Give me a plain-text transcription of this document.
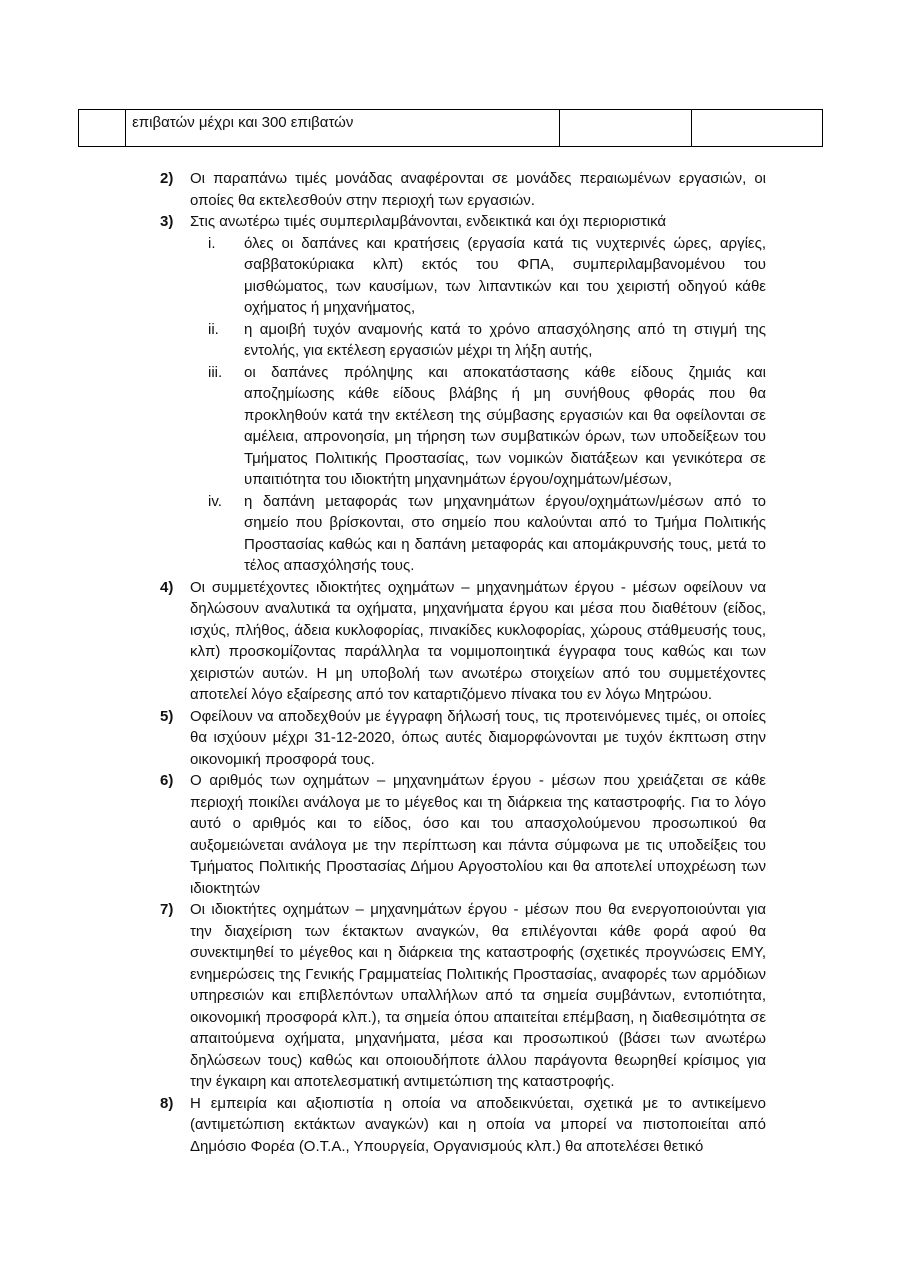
	επιβατών μέχρι και 300 επιβατών		
2)	Οι παραπάνω τιμές μονάδας αναφέρονται σε μονάδες περαιωμένων εργασιών, οι οποίες θα εκτελεσθούν στην περιοχή των εργασιών.
3)	Στις ανωτέρω τιμές συμπεριλαμβάνονται, ενδεικτικά και όχι περιοριστικά
i.	όλες οι δαπάνες και κρατήσεις (εργασία κατά τις νυχτερινές ώρες, αργίες, σαββατοκύριακα κλπ) εκτός του ΦΠΑ, συμπεριλαμβανομένου του μισθώματος, των καυσίμων, των λιπαντικών και του χειριστή οδηγού κάθε οχήματος ή μηχανήματος,
ii.	η αμοιβή τυχόν αναμονής κατά το χρόνο απασχόλησης από τη στιγμή της εντολής, για εκτέλεση εργασιών μέχρι τη λήξη αυτής,
iii.	οι δαπάνες πρόληψης και αποκατάστασης κάθε είδους ζημιάς και αποζημίωσης κάθε είδους βλάβης ή μη συνήθους φθοράς που θα προκληθούν κατά την εκτέλεση της σύμβασης εργασιών και θα οφείλονται σε αμέλεια, απρονοησία, μη τήρηση των συμβατικών όρων, των υποδείξεων του Τμήματος Πολιτικής Προστασίας, των νομικών διατάξεων και γενικότερα σε υπαιτιότητα του ιδιοκτήτη μηχανημάτων έργου/οχημάτων/μέσων,
iv.	η δαπάνη μεταφοράς των μηχανημάτων έργου/οχημάτων/μέσων από το σημείο που βρίσκονται, στο σημείο που καλούνται από το Τμήμα Πολιτικής Προστασίας καθώς και η δαπάνη μεταφοράς και απομάκρυνσής τους, μετά το τέλος απασχόλησής τους.
4)	Οι συμμετέχοντες ιδιοκτήτες οχημάτων – μηχανημάτων έργου - μέσων οφείλουν να δηλώσουν αναλυτικά τα οχήματα, μηχανήματα έργου και μέσα που διαθέτουν (είδος, ισχύς, πλήθος, άδεια κυκλοφορίας, πινακίδες κυκλοφορίας, χώρους στάθμευσής τους, κλπ) προσκομίζοντας παράλληλα τα νομιμοποιητικά έγγραφα τους καθώς και των χειριστών αυτών. Η μη υποβολή των ανωτέρω στοιχείων από του συμμετέχοντες αποτελεί λόγο εξαίρεσης από τον καταρτιζόμενο πίνακα του εν λόγω Μητρώου.
5)	Οφείλουν να αποδεχθούν με έγγραφη δήλωσή τους, τις προτεινόμενες τιμές, οι οποίες θα ισχύουν μέχρι 31-12-2020, όπως αυτές διαμορφώνονται με τυχόν έκπτωση στην οικονομική προσφορά τους.
6)	Ο αριθμός των οχημάτων – μηχανημάτων έργου - μέσων που χρειάζεται σε κάθε περιοχή ποικίλει ανάλογα με το μέγεθος και τη διάρκεια της καταστροφής. Για το λόγο αυτό ο αριθμός και το είδος, όσο και του απασχολούμενου προσωπικού θα αυξομειώνεται ανάλογα με την περίπτωση και πάντα σύμφωνα με τις υποδείξεις του Τμήματος Πολιτικής Προστασίας Δήμου Αργοστολίου και θα αποτελεί υποχρέωση των ιδιοκτητών
7)	Οι ιδιοκτήτες οχημάτων – μηχανημάτων έργου - μέσων που θα ενεργοποιούνται για την διαχείριση των έκτακτων αναγκών, θα επιλέγονται κάθε φορά αφού θα συνεκτιμηθεί το μέγεθος και η διάρκεια της καταστροφής (σχετικές προγνώσεις ΕΜΥ, ενημερώσεις της Γενικής Γραμματείας Πολιτικής Προστασίας, αναφορές των αρμόδιων υπηρεσιών και επιβλεπόντων υπαλλήλων από τα σημεία συμβάντων, εντοπιότητα, οικονομική προσφορά κλπ.), τα σημεία όπου απαιτείται επέμβαση, η διαθεσιμότητα σε απαιτούμενα οχήματα, μηχανήματα, μέσα και προσωπικού (βάσει των ανωτέρω δηλώσεων τους) καθώς και οποιουδήποτε άλλου παράγοντα θεωρηθεί κρίσιμος για την έγκαιρη και αποτελεσματική αντιμετώπιση της καταστροφής.
8)	Η εμπειρία και αξιοπιστία η οποία να αποδεικνύεται, σχετικά με το αντικείμενο (αντιμετώπιση εκτάκτων αναγκών) και η οποία να μπορεί να πιστοποιείται από Δημόσιο Φορέα (Ο.Τ.Α., Υπουργεία, Οργανισμούς κλπ.) θα αποτελέσει θετικό
